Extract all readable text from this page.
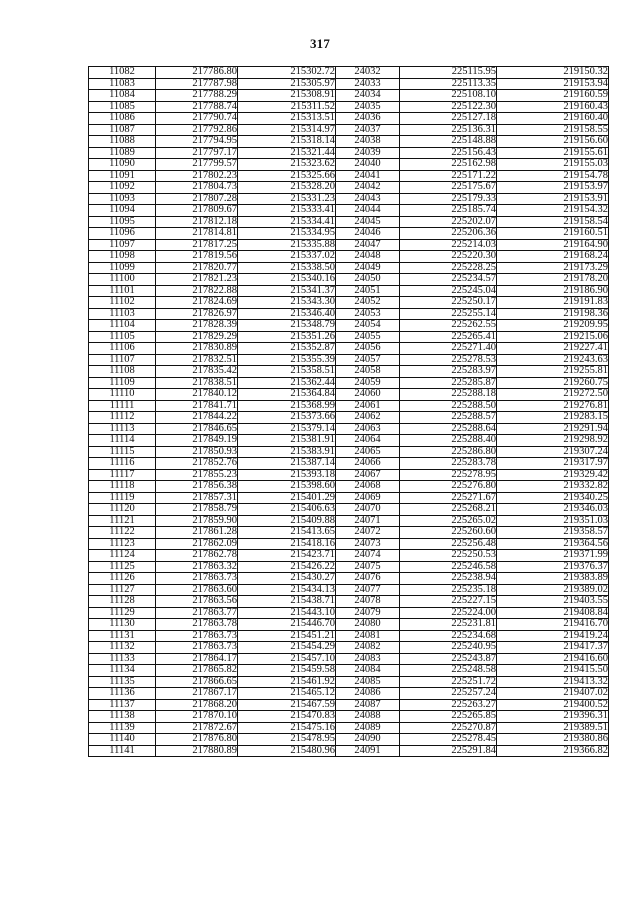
317
11082	217786.80	215302.72	24032	225115.95	219150.32
11083	217787.98	215305.97	24033	225113.35	219153.94
11084	217788.29	215308.91	24034	225108.10	219160.59
11085	217788.74	215311.52	24035	225122.30	219160.43
11086	217790.74	215313.51	24036	225127.18	219160.40
11087	217792.86	215314.97	24037	225136.31	219158.55
11088	217794.95	215318.14	24038	225148.88	219156.60
11089	217797.17	215321.44	24039	225156.43	219155.61
11090	217799.57	215323.62	24040	225162.98	219155.03
11091	217802.23	215325.66	24041	225171.22	219154.78
11092	217804.73	215328.20	24042	225175.67	219153.97
11093	217807.28	215331.23	24043	225179.33	219153.91
11094	217809.67	215333.41	24044	225185.74	219154.32
11095	217812.18	215334.41	24045	225202.07	219158.54
11096	217814.81	215334.95	24046	225206.36	219160.51
11097	217817.25	215335.88	24047	225214.03	219164.90
11098	217819.56	215337.02	24048	225220.30	219168.24
11099	217820.77	215338.50	24049	225228.25	219173.29
11100	217821.23	215340.16	24050	225234.57	219178.20
11101	217822.88	215341.37	24051	225245.04	219186.90
11102	217824.69	215343.30	24052	225250.17	219191.83
11103	217826.97	215346.40	24053	225255.14	219198.36
11104	217828.39	215348.79	24054	225262.55	219209.95
11105	217829.29	215351.26	24055	225265.41	219215.06
11106	217830.89	215352.87	24056	225271.40	219227.41
11107	217832.51	215355.39	24057	225278.53	219243.63
11108	217835.42	215358.51	24058	225283.97	219255.81
11109	217838.51	215362.44	24059	225285.87	219260.75
11110	217840.12	215364.84	24060	225288.18	219272.50
11111	217841.71	215368.99	24061	225288.50	219276.81
11112	217844.22	215373.66	24062	225288.57	219283.15
11113	217846.65	215379.14	24063	225288.64	219291.94
11114	217849.19	215381.91	24064	225288.40	219298.92
11115	217850.93	215383.91	24065	225286.80	219307.24
11116	217852.76	215387.14	24066	225283.78	219317.97
11117	217855.23	215393.18	24067	225278.95	219329.42
11118	217856.38	215398.60	24068	225276.80	219332.82
11119	217857.31	215401.29	24069	225271.67	219340.25
11120	217858.79	215406.63	24070	225268.21	219346.03
11121	217859.90	215409.88	24071	225265.02	219351.03
11122	217861.28	215413.65	24072	225260.60	219358.57
11123	217862.09	215418.16	24073	225256.48	219364.56
11124	217862.78	215423.71	24074	225250.53	219371.99
11125	217863.32	215426.22	24075	225246.58	219376.37
11126	217863.73	215430.27	24076	225238.94	219383.89
11127	217863.60	215434.13	24077	225235.18	219389.02
11128	217863.56	215438.71	24078	225227.15	219403.55
11129	217863.77	215443.10	24079	225224.00	219408.84
11130	217863.78	215446.70	24080	225231.81	219416.70
11131	217863.73	215451.21	24081	225234.68	219419.24
11132	217863.73	215454.29	24082	225240.95	219417.37
11133	217864.17	215457.10	24083	225243.87	219416.60
11134	217865.82	215459.58	24084	225248.58	219415.50
11135	217866.65	215461.92	24085	225251.72	219413.32
11136	217867.17	215465.12	24086	225257.24	219407.02
11137	217868.20	215467.59	24087	225263.27	219400.52
11138	217870.10	215470.83	24088	225265.85	219396.31
11139	217872.67	215475.16	24089	225270.87	219389.51
11140	217876.80	215478.95	24090	225278.45	219380.86
11141	217880.89	215480.96	24091	225291.84	219366.82
